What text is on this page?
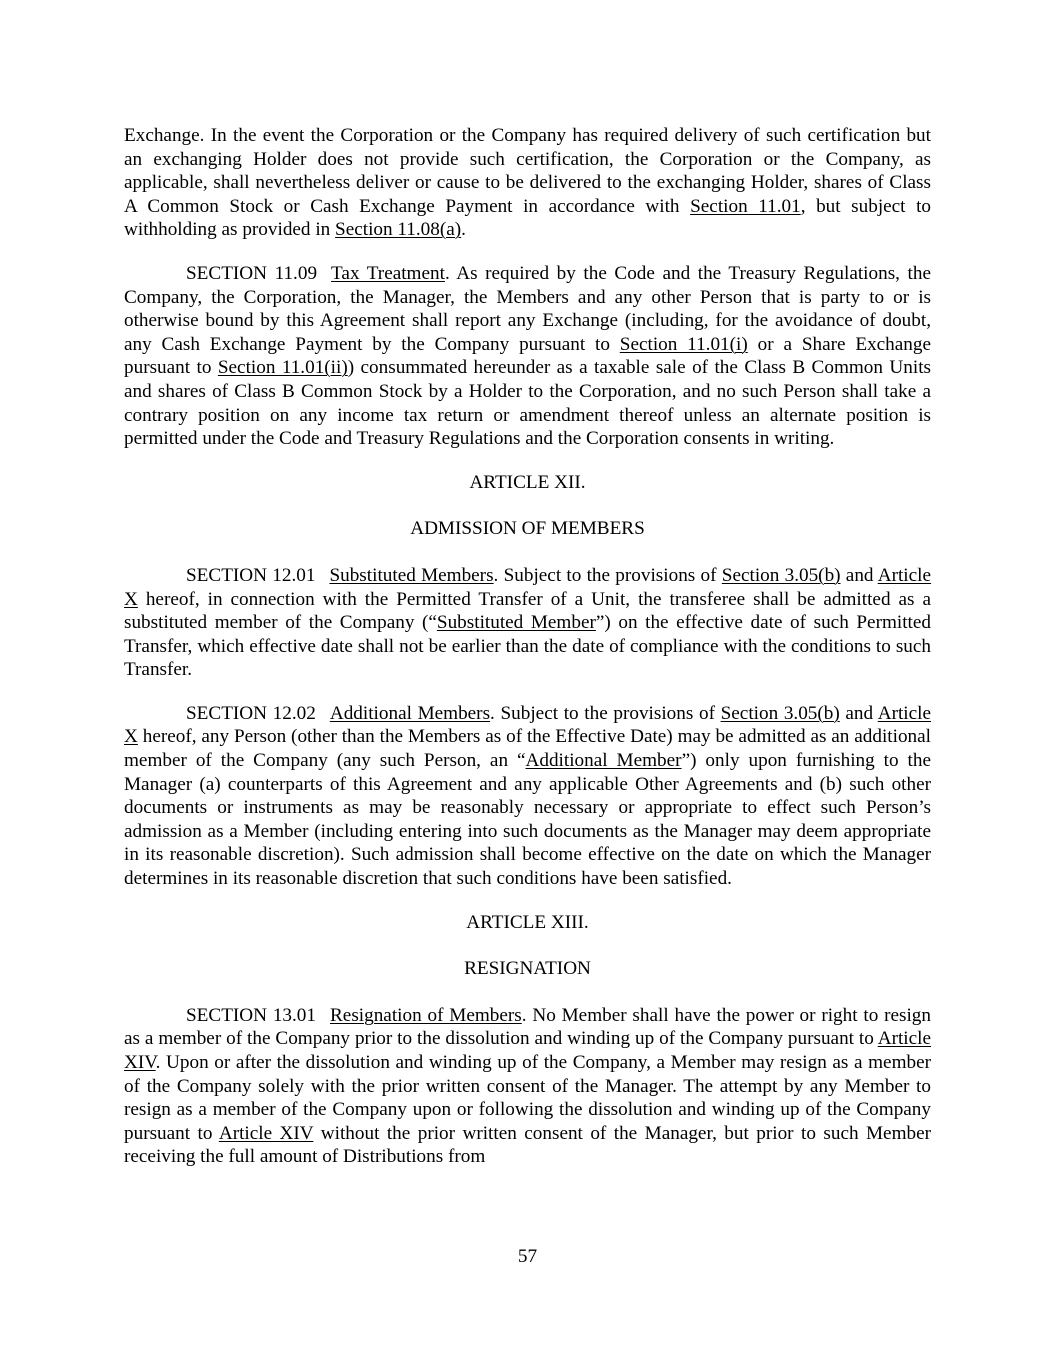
Exchange. In the event the Corporation or the Company has required delivery of such certification but an exchanging Holder does not provide such certification, the Corporation or the Company, as applicable, shall nevertheless deliver or cause to be delivered to the exchanging Holder, shares of Class A Common Stock or Cash Exchange Payment in accordance with Section 11.01, but subject to withholding as provided in Section 11.08(a).

SECTION 11.09 Tax Treatment. As required by the Code and the Treasury Regulations, the Company, the Corporation, the Manager, the Members and any other Person that is party to or is otherwise bound by this Agreement shall report any Exchange (including, for the avoidance of doubt, any Cash Exchange Payment by the Company pursuant to Section 11.01(i) or a Share Exchange pursuant to Section 11.01(ii)) consummated hereunder as a taxable sale of the Class B Common Units and shares of Class B Common Stock by a Holder to the Corporation, and no such Person shall take a contrary position on any income tax return or amendment thereof unless an alternate position is permitted under the Code and Treasury Regulations and the Corporation consents in writing.

ARTICLE XII.
ADMISSION OF MEMBERS

SECTION 12.01 Substituted Members. Subject to the provisions of Section 3.05(b) and Article X hereof, in connection with the Permitted Transfer of a Unit, the transferee shall be admitted as a substituted member of the Company (“Substituted Member”) on the effective date of such Permitted Transfer, which effective date shall not be earlier than the date of compliance with the conditions to such Transfer.

SECTION 12.02 Additional Members. Subject to the provisions of Section 3.05(b) and Article X hereof, any Person (other than the Members as of the Effective Date) may be admitted as an additional member of the Company (any such Person, an “Additional Member”) only upon furnishing to the Manager (a) counterparts of this Agreement and any applicable Other Agreements and (b) such other documents or instruments as may be reasonably necessary or appropriate to effect such Person’s admission as a Member (including entering into such documents as the Manager may deem appropriate in its reasonable discretion). Such admission shall become effective on the date on which the Manager determines in its reasonable discretion that such conditions have been satisfied.

ARTICLE XIII.
RESIGNATION

SECTION 13.01 Resignation of Members. No Member shall have the power or right to resign as a member of the Company prior to the dissolution and winding up of the Company pursuant to Article XIV. Upon or after the dissolution and winding up of the Company, a Member may resign as a member of the Company solely with the prior written consent of the Manager. The attempt by any Member to resign as a member of the Company upon or following the dissolution and winding up of the Company pursuant to Article XIV without the prior written consent of the Manager, but prior to such Member receiving the full amount of Distributions from

57
